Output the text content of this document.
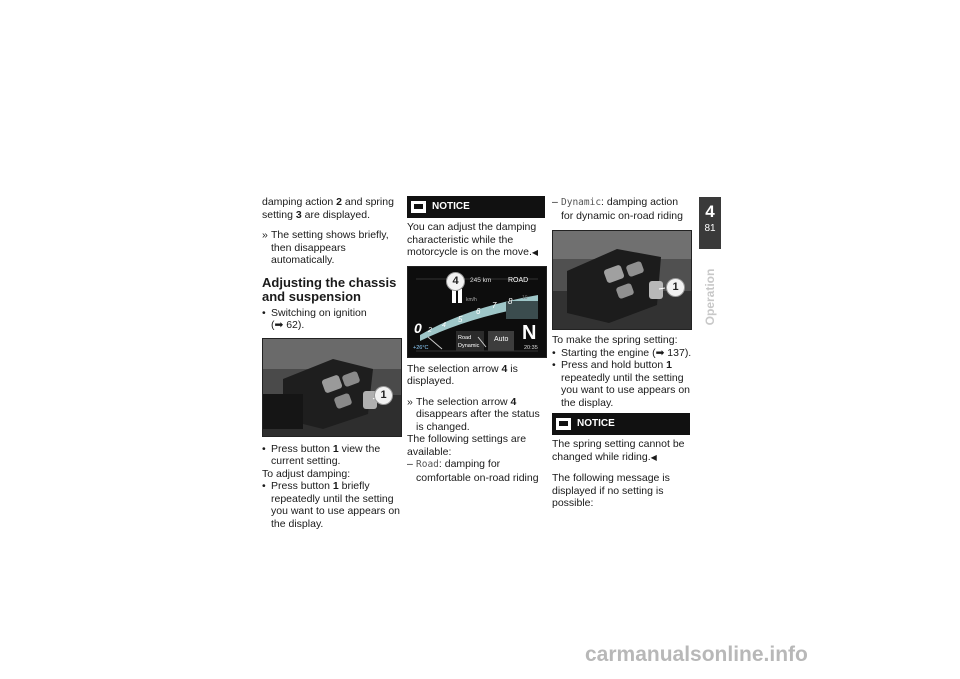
damping action 2 and spring setting 3 are displayed.

» The setting shows briefly, then disappears automatically.

Adjusting the chassis and suspension

• Switching on ignition (➡ 62).

1

• Press button 1 view the current setting.

To adjust damping:

• Press button 1 briefly repeatedly until the setting you want to use appears on the display.

NOTICE

You can adjust the damping characteristic while the motorcycle is on the move.◀

4	245 km ROAD
km/h	10
8
7
6
5
4
2
0
Road
Dynamic
Auto N
+26°C	20:35

The selection arrow 4 is displayed.

» The selection arrow 4 disappears after the status is changed.

The following settings are available:

– Road: damping for comfortable on-road riding

– Dynamic: damping action for dynamic on-road riding

1

To make the spring setting:

• Starting the engine (➡ 137).

• Press and hold button 1 repeatedly until the setting you want to use appears on the display.

NOTICE

The spring setting cannot be changed while riding.◀

The following message is displayed if no setting is possible:

4
81
Operation
carmanualsonline.info
